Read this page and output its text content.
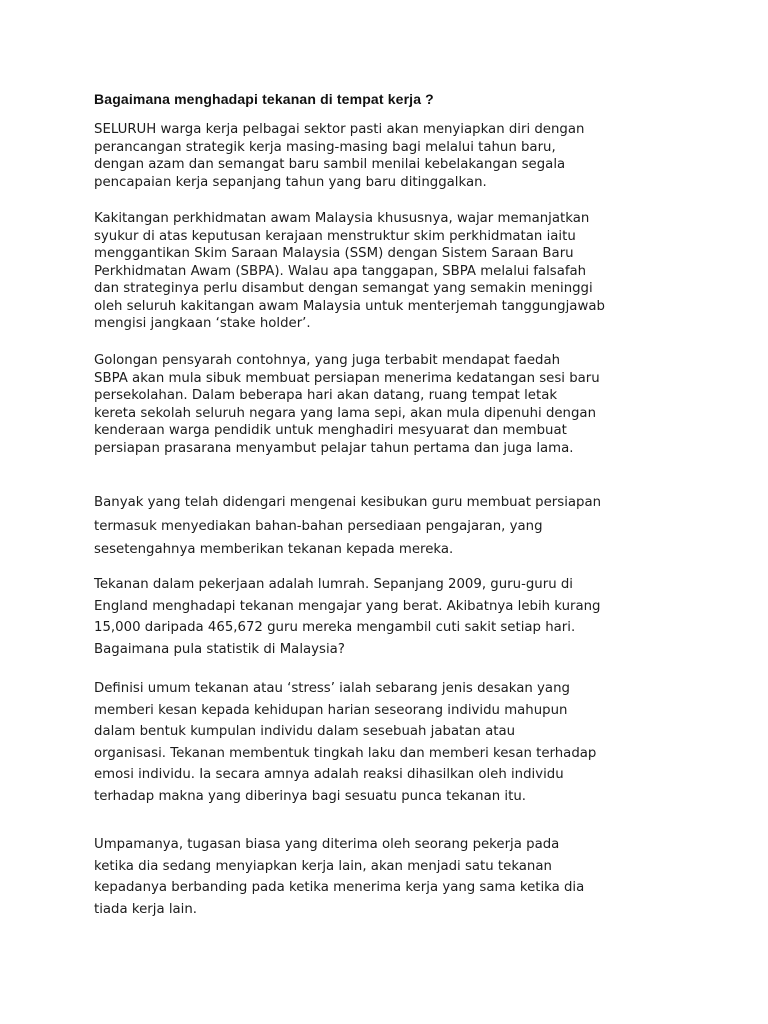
Bagaimana menghadapi tekanan di tempat kerja ?

SELURUH warga kerja pelbagai sektor pasti akan menyiapkan diri dengan
perancangan strategik kerja masing-masing bagi melalui tahun baru,
dengan azam dan semangat baru sambil menilai kebelakangan segala
pencapaian kerja sepanjang tahun yang baru ditinggalkan.

Kakitangan perkhidmatan awam Malaysia khususnya, wajar memanjatkan
syukur di atas keputusan kerajaan menstruktur skim perkhidmatan iaitu
menggantikan Skim Saraan Malaysia (SSM) dengan Sistem Saraan Baru
Perkhidmatan Awam (SBPA). Walau apa tanggapan, SBPA melalui falsafah
dan strateginya perlu disambut dengan semangat yang semakin meninggi
oleh seluruh kakitangan awam Malaysia untuk menterjemah tanggungjawab
mengisi jangkaan ‘stake holder’.

Golongan pensyarah contohnya, yang juga terbabit mendapat faedah
SBPA akan mula sibuk membuat persiapan menerima kedatangan sesi baru
persekolahan. Dalam beberapa hari akan datang, ruang tempat letak
kereta sekolah seluruh negara yang lama sepi, akan mula dipenuhi dengan
kenderaan warga pendidik untuk menghadiri mesyuarat dan membuat
persiapan prasarana menyambut pelajar tahun pertama dan juga lama.

Banyak yang telah didengari mengenai kesibukan guru membuat persiapan
termasuk menyediakan bahan-bahan persediaan pengajaran, yang
sesetengahnya memberikan tekanan kepada mereka.

Tekanan dalam pekerjaan adalah lumrah. Sepanjang 2009, guru-guru di
England menghadapi tekanan mengajar yang berat. Akibatnya lebih kurang
15,000 daripada 465,672 guru mereka mengambil cuti sakit setiap hari.
Bagaimana pula statistik di Malaysia?

Definisi umum tekanan atau ‘stress’ ialah sebarang jenis desakan yang
memberi kesan kepada kehidupan harian seseorang individu mahupun
dalam bentuk kumpulan individu dalam sesebuah jabatan atau
organisasi. Tekanan membentuk tingkah laku dan memberi kesan terhadap
emosi individu. Ia secara amnya adalah reaksi dihasilkan oleh individu
terhadap makna yang diberinya bagi sesuatu punca tekanan itu.

Umpamanya, tugasan biasa yang diterima oleh seorang pekerja pada
ketika dia sedang menyiapkan kerja lain, akan menjadi satu tekanan
kepadanya berbanding pada ketika menerima kerja yang sama ketika dia
tiada kerja lain.
